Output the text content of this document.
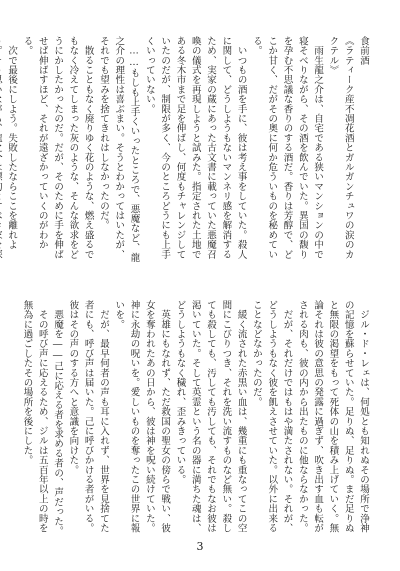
食前酒

《ラティーク産不凋花酒とガルガンチュワの涙のカクテル》

　雨生龍之介は、自宅である狭いマンションの中で寝そべりながら、その酒を飲んでいた。異国の馥りを孕む不思議な香りのする酒だ。香りは芳醇で、どこか甘く、だがその奥に何か危ういものを秘めている。

　いつもの酒を手に、彼は考え事をしていた。殺人に関して、どうしようもないマンネリ感を解消するため、実家の蔵にあった古文書に載っていた悪魔召喚の儀式を再現しようと試みた。指定された土地である冬木市まで足を伸ばし、何度もチャレンジしていたのだが、制限が多く、今のところどうにも上手くいっていない。

　……もしも上手くいったところで、悪魔など、龍之介の理性は喜ぶまい。そうとわかってはいたが、それでも望みを捨てきれはしなかったのだ。

　散ることもなく廃りゆく花のような、燃え盛るでもなく冷えてしまった灰のような、そんな欲求をどうにかしたかったのだ。だが、そのために手を伸ばせば伸ばすほど、それが遠ざかっていくのがわかる。

　次で最後にしよう。失敗したならここを離れよ

　ジル・ド・レェは、何処とも知れぬその場所で浄神の記憶を蘇らせていた。足りぬ、足りぬ。まだ足りぬと無限の渇望をもって死体の山を積み上げていく。無論それは彼の意思の発露に過ぎず、吹き出す血も転がされる肉も、彼の内から出たものに他ならなかった。

　だが、それだけではもはや満たされない。それが、どうしようもなく彼を飢えさせていた。以外に出来ることなどなかったのだ。

　緩く流された赤黒い血は、幾重にも重なってこの空間にこびりつき、それを洗い流すものなど無い。殺しても殺しても、汚しても汚しても、それでもなお彼は渇いていた。そして英霊という名の器に満ちた魂は、どうしようもなく穢れ、歪みきっている。

　英雄にもなれず、ただ救国の聖女の傍らで戦い、彼女を奪われたあの日から、彼は神を呪い続けていた。神に永劫の呪いを。愛しいものを奪ったこの世界に報いを。

　だが、最早何者の声も耳に入れず、世界を見捨てた者にも、呼び声は届いた。己に呼びかける者がいる。彼はその声のする方へと意識を向けた。

　悪魔を――己に応える者を求める者の、声だった。

　その呼び声に応えるため、ジルは五百年以上の時を無為に過ごしたその場所を後にした。

3
